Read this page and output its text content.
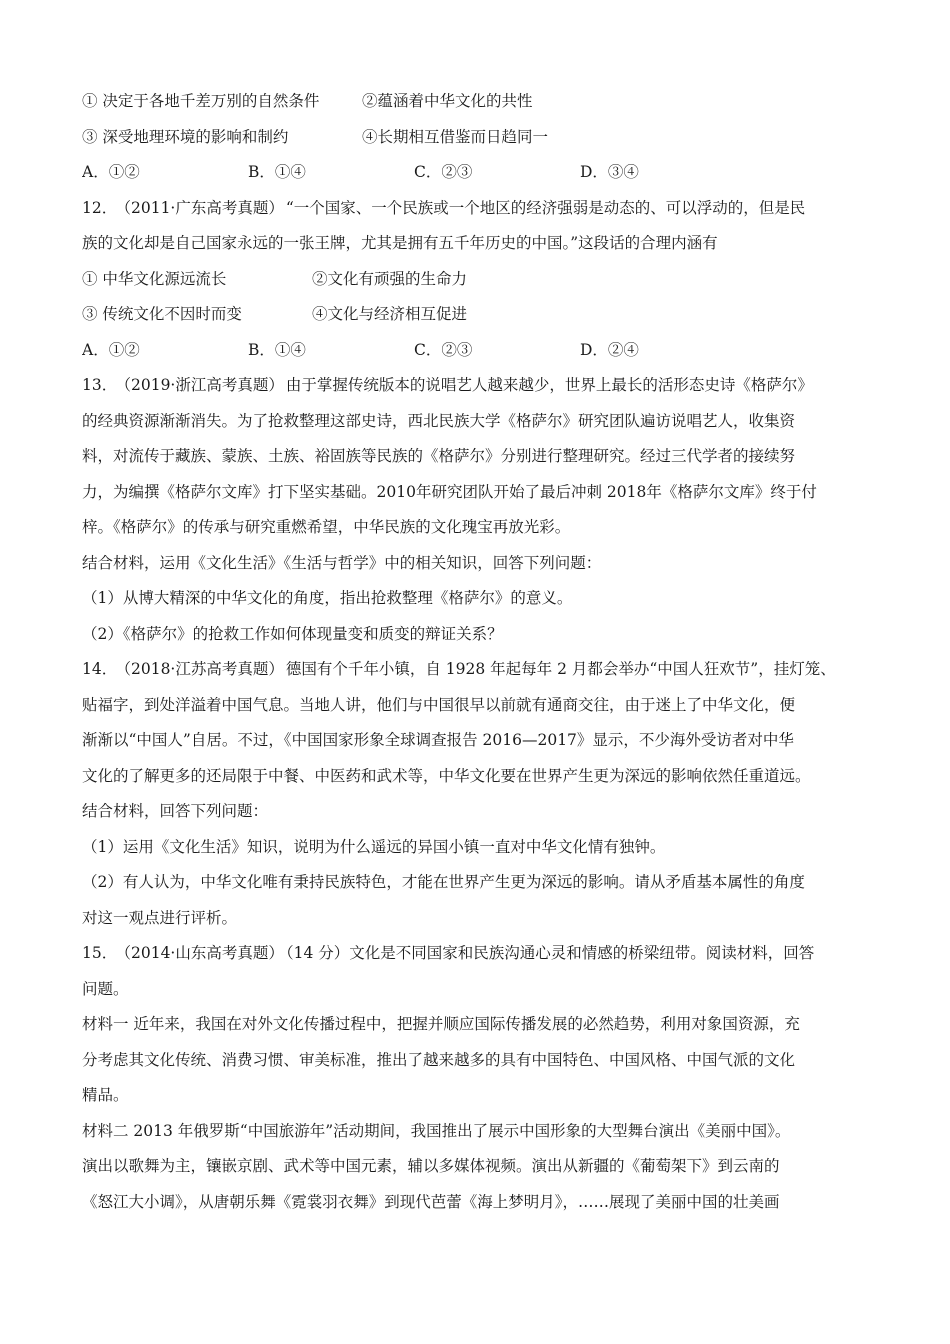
① 决定于各地千差万别的自然条件	②蕴涵着中华文化的共性
③ 深受地理环境的影响和制约	④长期相互借鉴而日趋同一
A．①②	B．①④	C．②③	D．③④
12． （2011·广东高考真题） “一个国家、一个民族或一个地区的经济强弱是动态的、可以浮动的，但是民
族的文化却是自己国家永远的一张王牌，尤其是拥有五千年历史的中国。”这段话的合理内涵有
① 中华文化源远流长	②文化有顽强的生命力
③ 传统文化不因时而变	④文化与经济相互促进
A．①②	B．①④	C．②③	D．②④
13． （2019·浙江高考真题） 由于掌握传统版本的说唱艺人越来越少，世界上最长的活形态史诗《格萨尔》
的经典资源渐渐消失。为了抢救整理这部史诗，西北民族大学《格萨尔》研究团队遍访说唱艺人，收集资
料，对流传于藏族、蒙族、土族、裕固族等民族的《格萨尔》分别进行整理研究。经过三代学者的接续努
力，为编撰《格萨尔文库》打下坚实基础。2010年研究团队开始了最后冲刺 2018年《格萨尔文库》终于付
梓。《格萨尔》的传承与研究重燃希望，中华民族的文化瑰宝再放光彩。
结合材料，运用《文化生活》《生活与哲学》中的相关知识，回答下列问题：
（1）从博大精深的中华文化的角度，指出抢救整理《格萨尔》的意义。
（2）《格萨尔》的抢救工作如何体现量变和质变的辩证关系？
14． （2018·江苏高考真题） 德国有个千年小镇，自 1928 年起每年 2 月都会举办“中国人狂欢节”，挂灯笼、
贴福字，到处洋溢着中国气息。当地人讲，他们与中国很早以前就有通商交往，由于迷上了中华文化，便
渐渐以“中国人”自居。不过，《中国国家形象全球调查报告 2016—2017》显示，不少海外受访者对中华
文化的了解更多的还局限于中餐、中医药和武术等，中华文化要在世界产生更为深远的影响依然任重道远。
结合材料，回答下列问题：
（1）运用《文化生活》知识，说明为什么遥远的异国小镇一直对中华文化情有独钟。
（2）有人认为，中华文化唯有秉持民族特色，才能在世界产生更为深远的影响。请从矛盾基本属性的角度
对这一观点进行评析。
15． （2014·山东高考真题） （14 分）文化是不同国家和民族沟通心灵和情感的桥梁纽带。阅读材料，回答
问题。
材料一 近年来，我国在对外文化传播过程中，把握并顺应国际传播发展的必然趋势，利用对象国资源，充
分考虑其文化传统、消费习惯、审美标准，推出了越来越多的具有中国特色、中国风格、中国气派的文化
精品。
材料二 2013 年俄罗斯“中国旅游年”活动期间，我国推出了展示中国形象的大型舞台演出《美丽中国》。
演出以歌舞为主，镶嵌京剧、武术等中国元素，辅以多媒体视频。演出从新疆的《葡萄架下》到云南的
《怒江大小调》，从唐朝乐舞《霓裳羽衣舞》到现代芭蕾《海上梦明月》，……展现了美丽中国的壮美画
